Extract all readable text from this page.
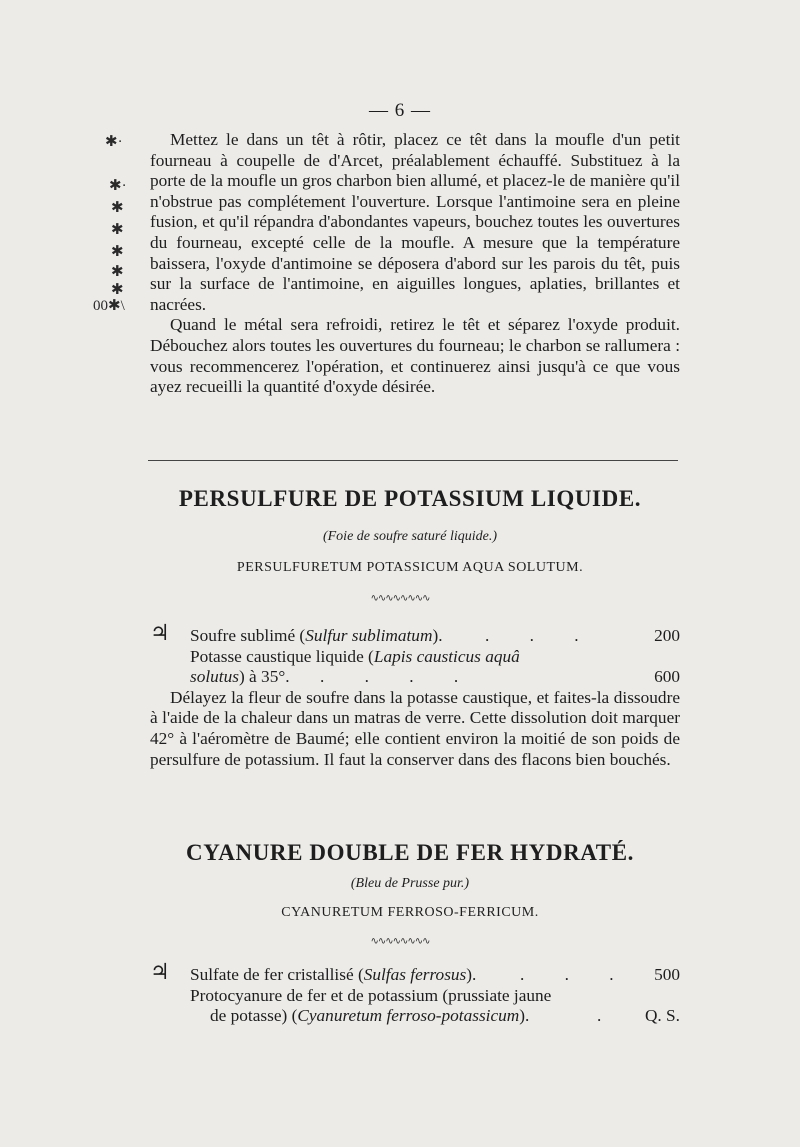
— 6 —
✱·
✱·
✱
✱
✱
✱
✱
00✱\

Mettez le dans un têt à rôtir, placez ce têt dans la moufle d'un petit fourneau à coupelle de d'Arcet, préalablement échauffé. Substituez à la porte de la moufle un gros charbon bien allumé, et placez-le de manière qu'il n'obstrue pas complétement l'ouverture. Lorsque l'antimoine sera en pleine fusion, et qu'il répandra d'abondantes vapeurs, bouchez toutes les ouvertures du fourneau, excepté celle de la moufle. A mesure que la température baissera, l'oxyde d'antimoine se déposera d'abord sur les parois du têt, puis sur la surface de l'antimoine, en aiguilles longues, aplaties, brillantes et nacrées.

Quand le métal sera refroidi, retirez le têt et séparez l'oxyde produit. Débouchez alors toutes les ouvertures du fourneau; le charbon se rallumera : vous recommencerez l'opération, et continuerez ainsi jusqu'à ce que vous ayez recueilli la quantité d'oxyde désirée.

PERSULFURE DE POTASSIUM LIQUIDE.
(Foie de soufre saturé liquide.)
PERSULFURETUM POTASSICUM AQUA SOLUTUM.
∿∿∿∿∿∿∿∿
♃	Soufre sublimé (Sulfur sublimatum). . . .	200
Potasse caustique liquide (Lapis causticus aquâ solutus) à 35°. . . . .	600

Délayez la fleur de soufre dans la potasse caustique, et faites-la dissoudre à l'aide de la chaleur dans un matras de verre. Cette dissolution doit marquer 42° à l'aéromètre de Baumé; elle contient environ la moitié de son poids de persulfure de potassium. Il faut la conserver dans des flacons bien bouchés.

CYANURE DOUBLE DE FER HYDRATÉ.
(Bleu de Prusse pur.)
CYANURETUM FERROSO-FERRICUM.
∿∿∿∿∿∿∿∿
♃	Sulfate de fer cristallisé (Sulfas ferrosus).	. . . 500
Protocyanure de fer et de potassium (prussiate jaune
de potasse) (Cyanuretum ferroso-potassicum).	.	Q. S.
